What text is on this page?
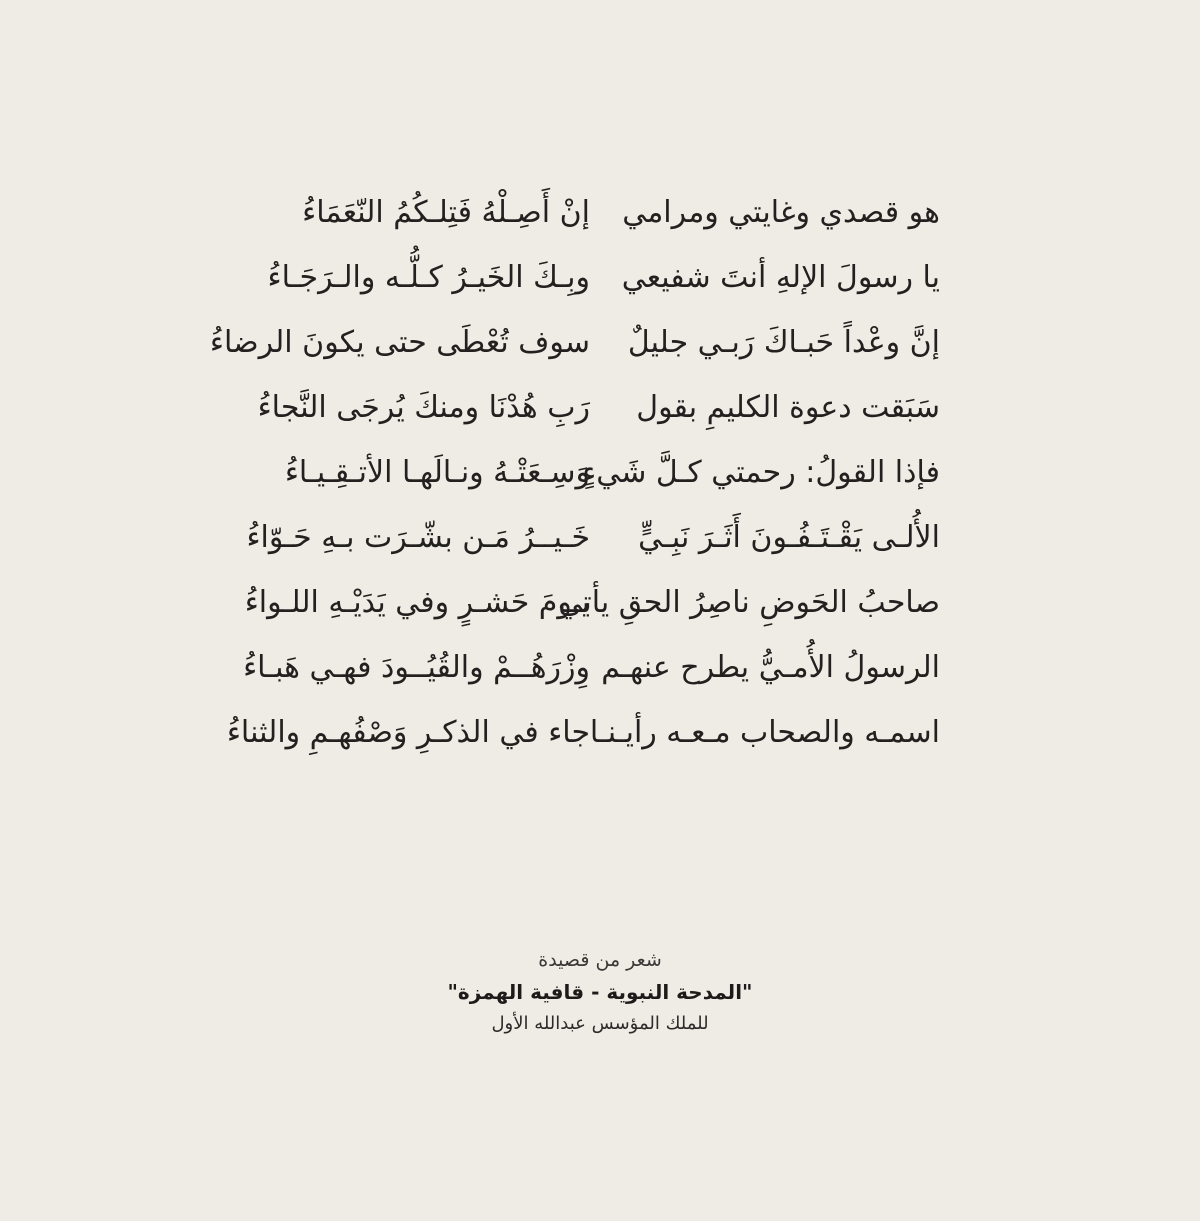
هو قصدي وغايتي ومرامي
يا رسولَ الإلهِ أنتَ شفيعي
إنَّ وعْداً حَبـاكَ رَبـي جليلٌ
سَبَقت دعوة الكليمِ بقول
فإذا القولُ: رحمتي كـلَّ شَيءٍ
الأُلـى يَقْـتَـفُـونَ أَثَـرَ نَبِـيٍّ
صاحبُ الحَوضِ ناصِرُ الحقِ يأتي
الرسولُ الأُمـيُّ يطرح عنهـم
اسمـه والصحاب مـعـه رأيـنـا
إنْ أَصِـلْهُ فَتِلـكُمُ النّعَمَاءُ
وبِـكَ الخَيـرُ كـلُّـه والـرَجَـاءُ
سوف تُعْطَى حتى يكونَ الرضاءُ
رَبِ هُدْنَا ومنكَ يُرجَى النَّجاءُ
وَسِـعَتْـهُ ونـالَهـا الأتـقِـيـاءُ
خَـيــرُ مَـن بشّـرَت بـهِ حَـوّاءُ
يـومَ حَشـرٍ وفي يَدَيْـهِ اللـواءُ
وِزْرَهُــمْ والقُيُــودَ فهـي هَبـاءُ
جاء في الذكـرِ وَصْفُهـمِ والثناءُ
شعر من قصيدة
"المدحة النبوية - قافية الهمزة"
للملك المؤسس عبدالله الأول
